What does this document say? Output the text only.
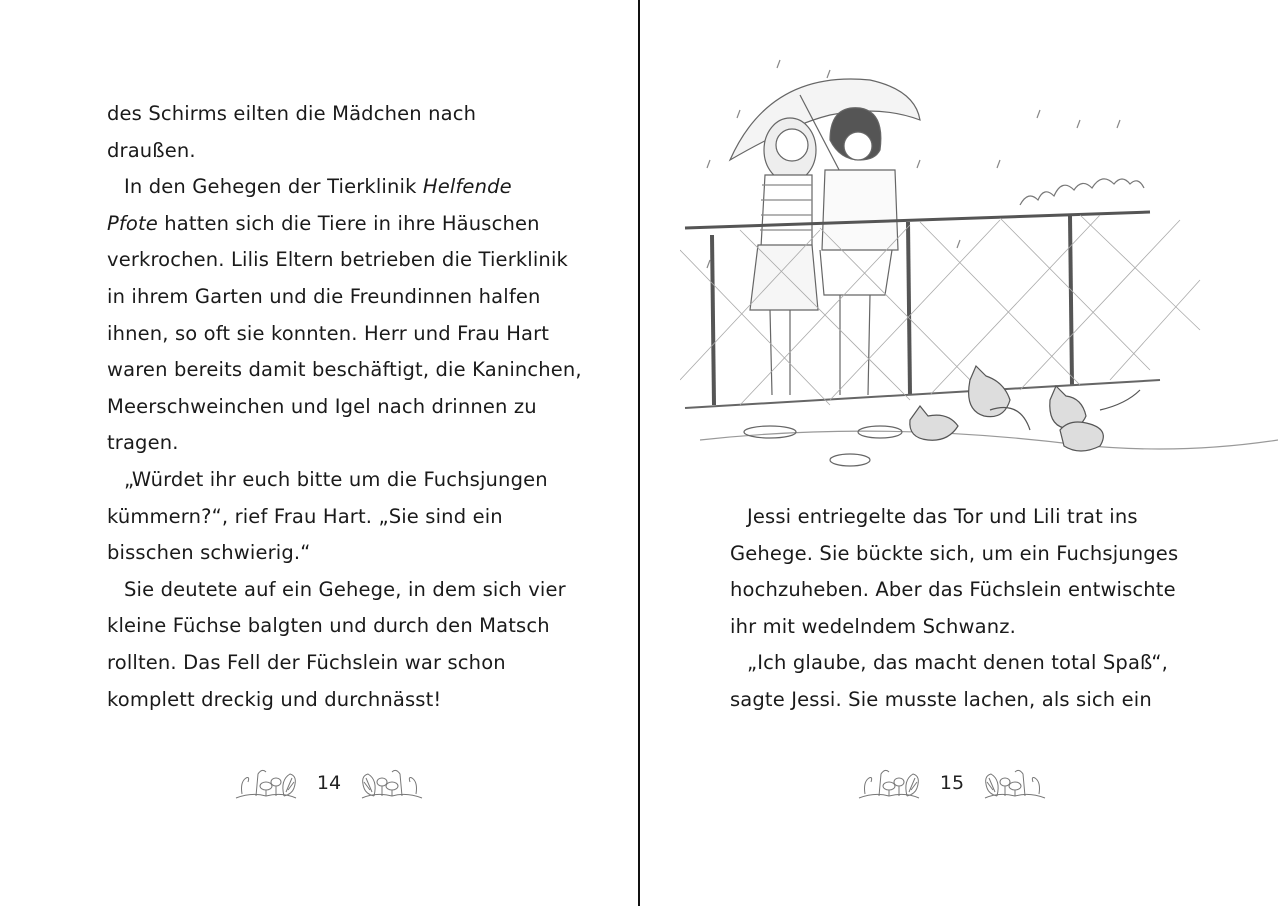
des Schirms eilten die Mädchen nach
draußen.
In den Gehegen der Tierklinik Helfende
Pfote hatten sich die Tiere in ihre Häuschen
verkrochen. Lilis Eltern betrieben die Tierklinik
in ihrem Garten und die Freundinnen halfen
ihnen, so oft sie konnten. Herr und Frau Hart
waren bereits damit beschäftigt, die Kaninchen,
Meerschweinchen und Igel nach drinnen zu
tragen.
„Würdet ihr euch bitte um die Fuchsjungen
kümmern?“, rief Frau Hart. „Sie sind ein
bisschen schwierig.“
Sie deutete auf ein Gehege, in dem sich vier
kleine Füchse balgten und durch den Matsch
rollten. Das Fell der Füchslein war schon
komplett dreckig und durchnässt!
14
Jessi entriegelte das Tor und Lili trat ins
Gehege. Sie bückte sich, um ein Fuchsjunges
hochzuheben. Aber das Füchslein entwischte
ihr mit wedelndem Schwanz.
„Ich glaube, das macht denen total Spaß“,
sagte Jessi. Sie musste lachen, als sich ein
15
